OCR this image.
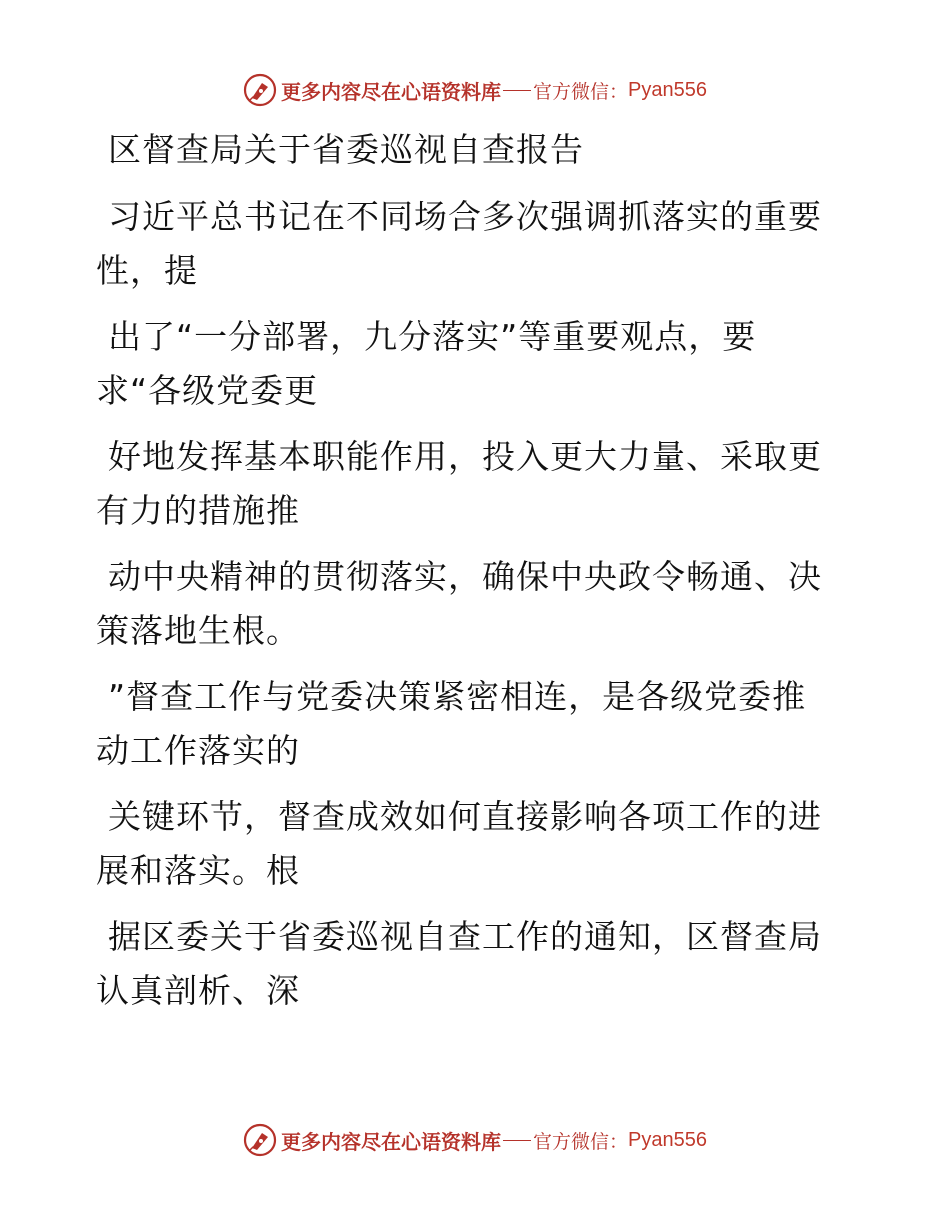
更多内容尽在心语资料库 官方微信： Pyan556
区督查局关于省委巡视自查报告
习近平总书记在不同场合多次强调抓落实的重要
性，提
出了“一分部署，九分落实”等重要观点，要
求“各级党委更
好地发挥基本职能作用，投入更大力量、采取更
有力的措施推
动中央精神的贯彻落实，确保中央政令畅通、决
策落地生根。
”督查工作与党委决策紧密相连，是各级党委推
动工作落实的
关键环节，督查成效如何直接影响各项工作的进
展和落实。根
据区委关于省委巡视自查工作的通知，区督查局
认真剖析、深
更多内容尽在心语资料库 官方微信： Pyan556
